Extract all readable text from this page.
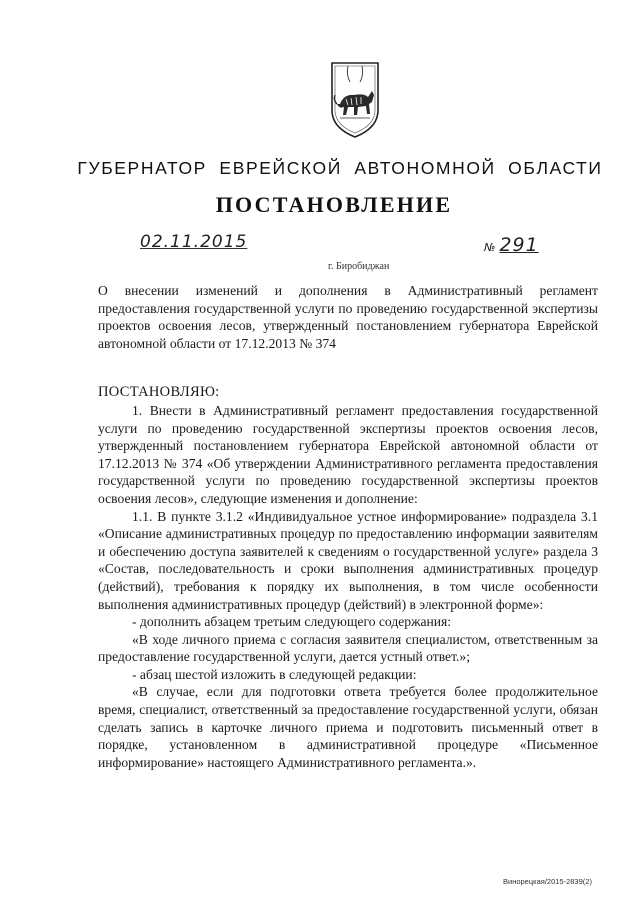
ГУБЕРНАТОР ЕВРЕЙСКОЙ АВТОНОМНОЙ ОБЛАСТИ
ПОСТАНОВЛЕНИЕ
02.11.2015	№ 291
г. Биробиджан

О внесении изменений и дополнения в Административный регламент предоставления государственной услуги по проведению государственной экспертизы проектов освоения лесов, утвержденный постановлением губернатора Еврейской автономной области от 17.12.2013 № 374

ПОСТАНОВЛЯЮ:

1. Внести в Административный регламент предоставления государственной услуги по проведению государственной экспертизы проектов освоения лесов, утвержденный постановлением губернатора Еврейской автономной области от 17.12.2013 № 374 «Об утверждении Административного регламента предоставления государственной услуги по проведению государственной экспертизы проектов освоения лесов», следующие изменения и дополнение:

1.1. В пункте 3.1.2 «Индивидуальное устное информирование» подраздела 3.1 «Описание административных процедур по предоставлению информации заявителям и обеспечению доступа заявителей к сведениям о государственной услуге» раздела 3 «Состав, последовательность и сроки выполнения административных процедур (действий), требования к порядку их выполнения, в том числе особенности выполнения административных процедур (действий) в электронной форме»:

- дополнить абзацем третьим следующего содержания:

«В ходе личного приема с согласия заявителя специалистом, ответственным за предоставление государственной услуги, дается устный ответ.»;

- абзац шестой изложить в следующей редакции:

«В случае, если для подготовки ответа требуется более продолжительное время, специалист, ответственный за предоставление государственной услуги, обязан сделать запись в карточке личного приема и подготовить письменный ответ в порядке, установленном в административной процедуре «Письменное информирование» настоящего Административного регламента.».

Винорецкая/2015-2839(2)
